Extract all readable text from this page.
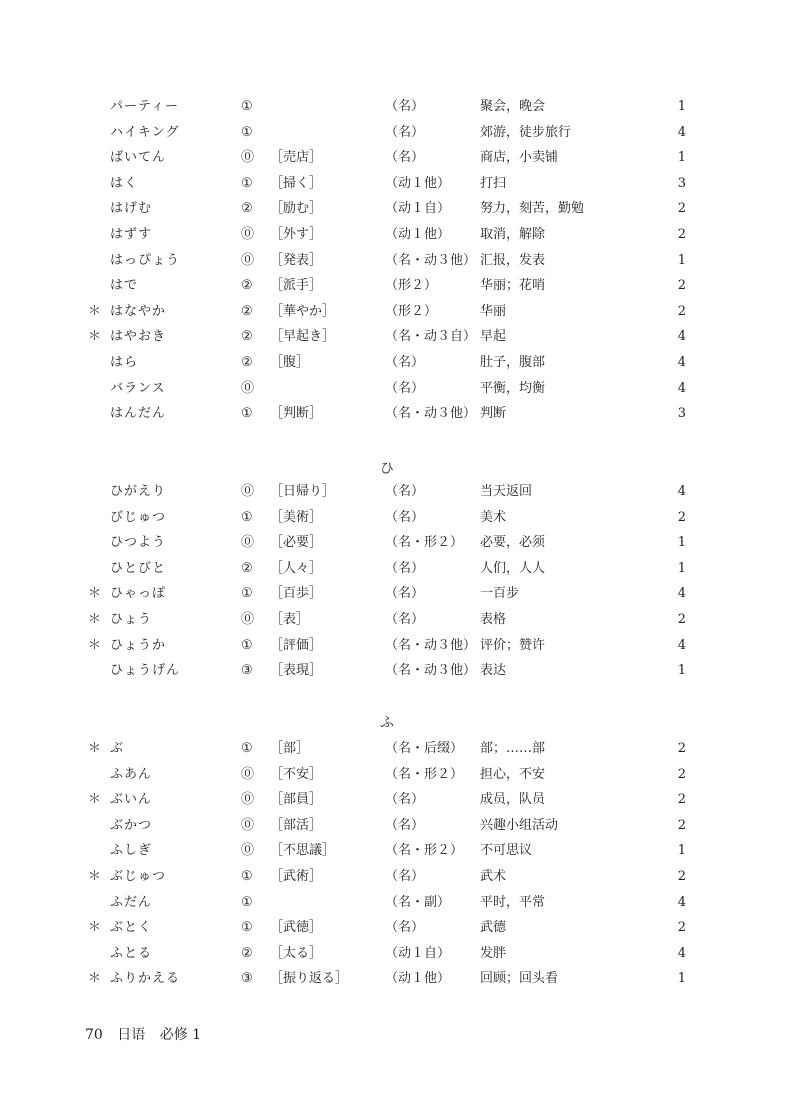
パーティー	①	（名）	聚会，晚会	1
ハイキング	①	（名）	郊游，徒步旅行	4
ばいてん	⓪ ［売店］	（名）	商店，小卖铺	1
はく	① ［掃く］	（动１他） 打扫	3
はげむ	② ［励む］	（动１自） 努力，刻苦，勤勉	2
はずす	⓪ ［外す］	（动１他） 取消，解除	2
はっぴょう	⓪ ［発表］	（名・动３他） 汇报，发表	1
はで	② ［派手］	（形２）	华丽；花哨	2
＊ はなやか	② ［華やか］	（形２）	华丽	2
＊ はやおき	② ［早起き］	（名・动３自） 早起	4
はら	② ［腹］	（名）	肚子，腹部	4
バランス	⓪	（名）	平衡，均衡	4
はんだん	① ［判断］	（名・动３他） 判断	3
ひ
ひがえり	⓪ ［日帰り］	（名）	当天返回	4
びじゅつ	① ［美術］	（名）	美术	2
ひつよう	⓪ ［必要］	（名・形２） 必要，必须	1
ひとびと	② ［人々］	（名）	人们，人人	1
＊ ひゃっぽ	① ［百歩］	（名）	一百步	4
＊ ひょう	⓪ ［表］	（名）	表格	2
＊ ひょうか	① ［評価］	（名・动３他） 评价；赞许	4
ひょうげん	③ ［表現］	（名・动３他） 表达	1
ふ
＊ ぶ	① ［部］	（名・后缀） 部；……部	2
ふあん	⓪ ［不安］	（名・形２） 担心，不安	2
＊ ぶいん	⓪ ［部員］	（名）	成员，队员	2
ぶかつ	⓪ ［部活］	（名）	兴趣小组活动	2
ふしぎ	⓪ ［不思議］	（名・形２） 不可思议	1
＊ ぶじゅつ	① ［武術］	（名）	武术	2
ふだん	①	（名・副） 平时，平常	4
＊ ぶとく	① ［武徳］	（名）	武德	2
ふとる	② ［太る］	（动１自） 发胖	4
＊ ふりかえる	③ ［振り返る］	（动１他） 回顾；回头看	1
70 日语 必修 1
